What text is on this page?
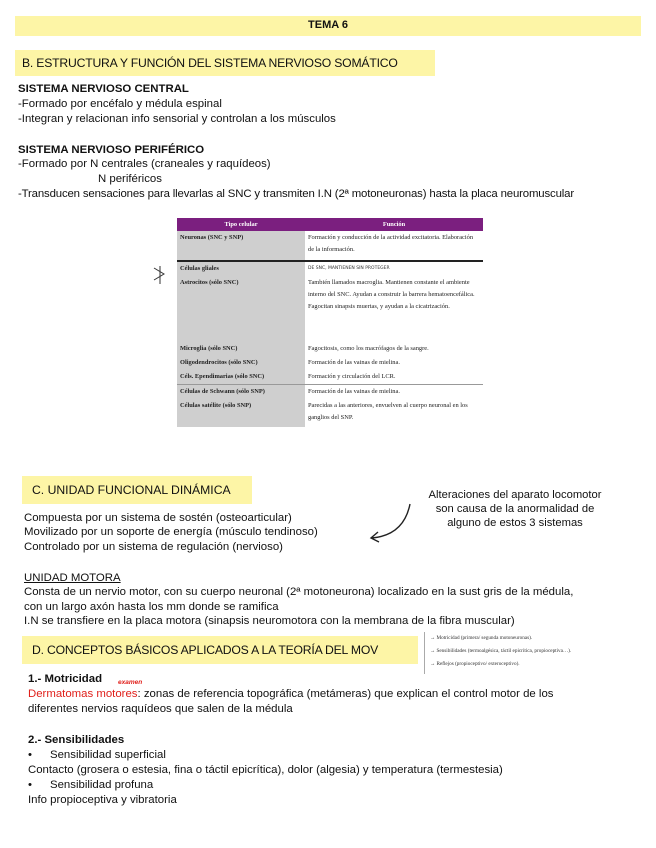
TEMA 6
B. ESTRUCTURA Y FUNCIÓN DEL SISTEMA NERVIOSO SOMÁTICO
SISTEMA NERVIOSO CENTRAL
-Formado por encéfalo y médula espinal
-Integran y relacionan info sensorial y controlan a los músculos
SISTEMA NERVIOSO PERIFÉRICO
-Formado por N centrales (craneales y raquídeos)
N periféricos
-Transducen sensaciones para llevarlas al SNC y transmiten I.N (2ª motoneuronas) hasta la placa neuromuscular
Tipo celular	Función
Neuronas (SNC y SNP)	Formación y conducción de la actividad excitatoria. Elaboración de la información.
Células gliales	DE SNC, MANTIENEN SIN PROTEGER
Astrocitos (sólo SNC)	También llamados macroglia. Mantienen constante el ambiente interno del SNC. Ayudan a construir la barrera hematoencefálica. Fagocitan sinapsis muertas, y ayudan a la cicatrización.
Microglia (sólo SNC)	Fagocitosis, como los macrófagos de la sangre.
Oligodendrocitos (sólo SNC)	Formación de las vainas de mielina.
Céls. Ependimarias (sólo SNC)	Formación y circulación del LCR.
Células de Schwann (sólo SNP)	Formación de las vainas de mielina.
Células satélite (sólo SNP)	Parecidas a las anteriores, envuelven al cuerpo neuronal en los ganglios del SNP.
C. UNIDAD FUNCIONAL DINÁMICA
Compuesta por un sistema de sostén (osteoarticular)
Movilizado por un soporte de energía (músculo tendinoso)
Controlado por un sistema de regulación (nervioso)
Alteraciones del aparato locomotor
son causa de la anormalidad de
alguno de estos 3 sistemas
UNIDAD MOTORA
Consta de un nervio motor, con su cuerpo neuronal (2ª motoneurona) localizado en la sust gris de la médula,
con un largo axón hasta los mm donde se ramifica
I.N se transfiere en la placa motora (sinapsis neuromotora con la membrana de la fibra muscular)
D. CONCEPTOS BÁSICOS APLICADOS A LA TEORÍA DEL MOV
→ Motricidad (primera/ segunda motoneuronas).
→ Sensibilidades (termoalgésica, táctil epicrítica, propioceptiva…).
→ Reflejos (propioceptivo/ exteroceptivo).
1.- Motricidad examen
Dermatomas motores: zonas de referencia topográfica (metámeras) que explican el control motor de los
diferentes nervios raquídeos que salen de la médula
2.- Sensibilidades
• Sensibilidad superficial
Contacto (grosera o estesia, fina o táctil epicrítica), dolor (algesia) y temperatura (termestesia)
• Sensibilidad profuna
Info propioceptiva y vibratoria
